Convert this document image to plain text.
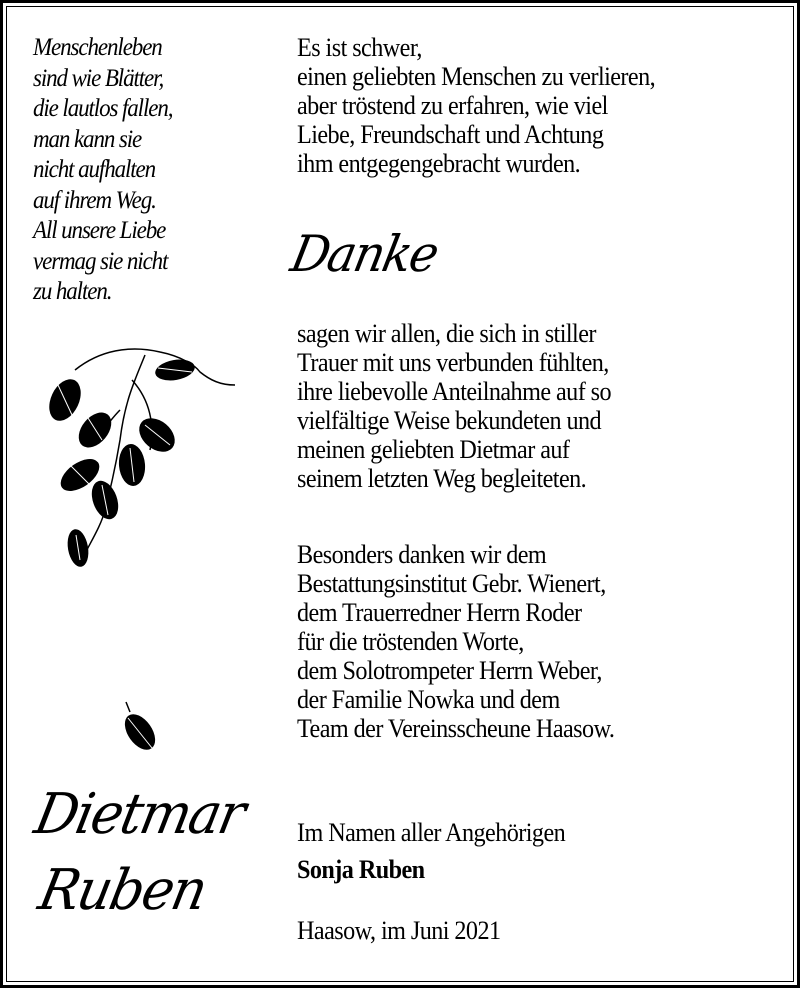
Menschenleben
sind wie Blätter,
die lautlos fallen,
man kann sie
nicht aufhalten
auf ihrem Weg.
All unsere Liebe
vermag sie nicht
zu halten.
Dietmar
Ruben
Es ist schwer,
einen geliebten Menschen zu verlieren,
aber tröstend zu erfahren, wie viel
Liebe, Freundschaft und Achtung
ihm entgegengebracht wurden.
Danke
sagen wir allen, die sich in stiller
Trauer mit uns verbunden fühlten,
ihre liebevolle Anteilnahme auf so
vielfältige Weise bekundeten und
meinen geliebten Dietmar auf
seinem letzten Weg begleiteten.
Besonders danken wir dem
Bestattungsinstitut Gebr. Wienert,
dem Trauerredner Herrn Roder
für die tröstenden Worte,
dem Solotrompeter Herrn Weber,
der Familie Nowka und dem
Team der Vereinsscheune Haasow.
Im Namen aller Angehörigen
Sonja Ruben
Haasow, im Juni 2021
